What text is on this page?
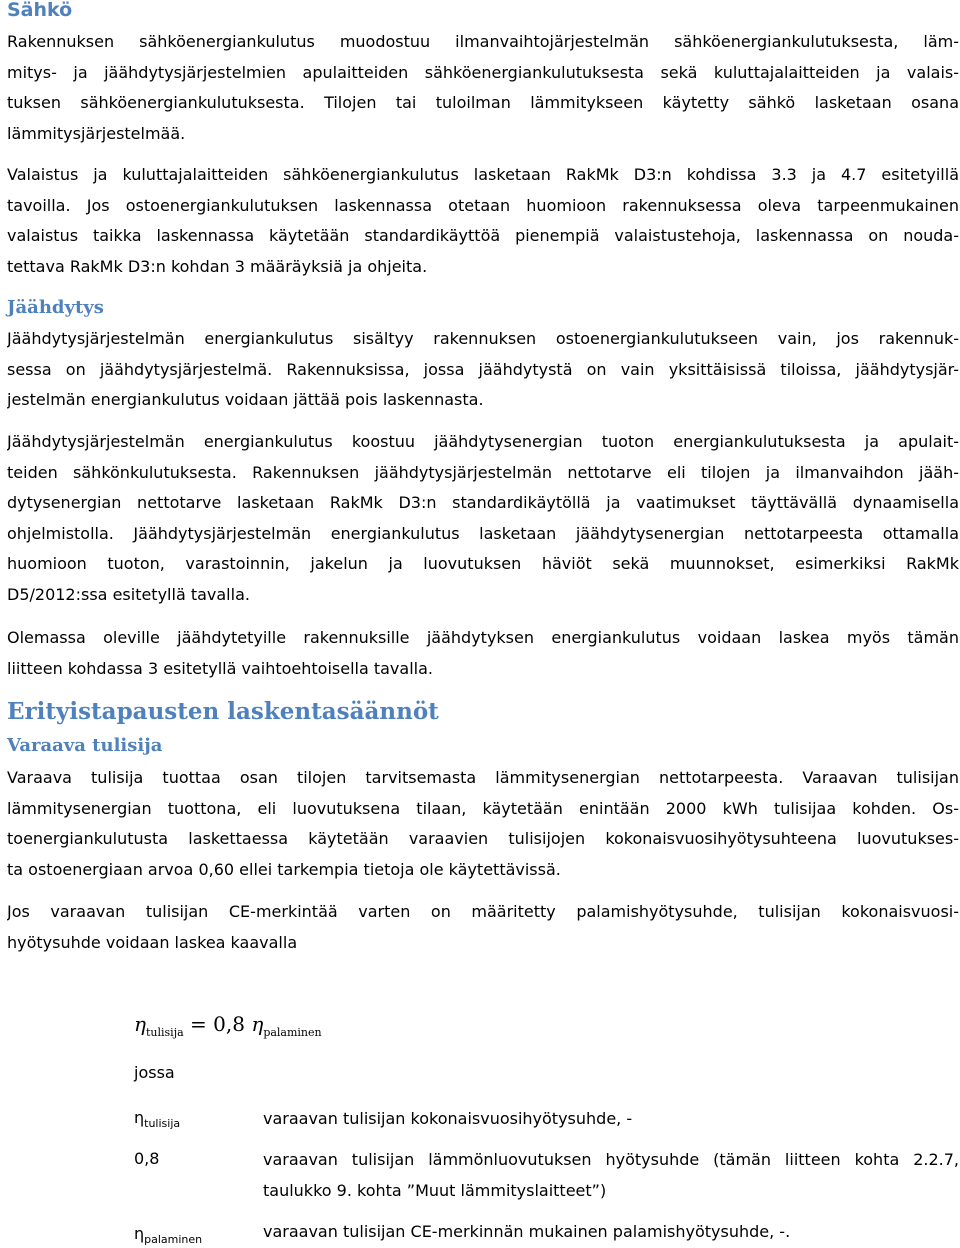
Sähkö

Rakennuksen sähköenergiankulutus muodostuu ilmanvaihtojärjestelmän sähköenergiankulutuksesta, läm-
mitys- ja jäähdytysjärjestelmien apulaitteiden sähköenergiankulutuksesta sekä kuluttajalaitteiden ja valais-
tuksen sähköenergiankulutuksesta. Tilojen tai tuloilman lämmitykseen käytetty sähkö lasketaan osana
lämmitysjärjestelmää.

Valaistus ja kuluttajalaitteiden sähköenergiankulutus lasketaan RakMk D3:n kohdissa 3.3 ja 4.7 esitetyillä
tavoilla. Jos ostoenergiankulutuksen laskennassa otetaan huomioon rakennuksessa oleva tarpeenmukainen
valaistus taikka laskennassa käytetään standardikäyttöä pienempiä valaistustehoja, laskennassa on nouda-
tettava RakMk D3:n kohdan 3 määräyksiä ja ohjeita.

Jäähdytys

Jäähdytysjärjestelmän energiankulutus sisältyy rakennuksen ostoenergiankulutukseen vain, jos rakennuk-
sessa on jäähdytysjärjestelmä. Rakennuksissa, jossa jäähdytystä on vain yksittäisissä tiloissa, jäähdytysjär-
jestelmän energiankulutus voidaan jättää pois laskennasta.

Jäähdytysjärjestelmän energiankulutus koostuu jäähdytysenergian tuoton energiankulutuksesta ja apulait-
teiden sähkönkulutuksesta. Rakennuksen jäähdytysjärjestelmän nettotarve eli tilojen ja ilmanvaihdon jääh-
dytysenergian nettotarve lasketaan RakMk D3:n standardikäytöllä ja vaatimukset täyttävällä dynaamisella
ohjelmistolla. Jäähdytysjärjestelmän energiankulutus lasketaan jäähdytysenergian nettotarpeesta ottamalla
huomioon tuoton, varastoinnin, jakelun ja luovutuksen häviöt sekä muunnokset, esimerkiksi RakMk
D5/2012:ssa esitetyllä tavalla.

Olemassa oleville jäähdytetyille rakennuksille jäähdytyksen energiankulutus voidaan laskea myös tämän
liitteen kohdassa 3 esitetyllä vaihtoehtoisella tavalla.

Erityistapausten laskentasäännöt
Varaava tulisija

Varaava tulisija tuottaa osan tilojen tarvitsemasta lämmitysenergian nettotarpeesta. Varaavan tulisijan
lämmitysenergian tuottona, eli luovutuksena tilaan, käytetään enintään 2000 kWh tulisijaa kohden. Os-
toenergiankulutusta laskettaessa käytetään varaavien tulisijojen kokonaisvuosihyötysuhteena luovutukses-
ta ostoenergiaan arvoa 0,60 ellei tarkempia tietoja ole käytettävissä.

Jos varaavan tulisijan CE-merkintää varten on määritetty palamishyötysuhde, tulisijan kokonaisvuosi-
hyötysuhde voidaan laskea kaavalla

$\eta_{tulisija} = 0,8$ $\eta_{palaminen}$
jossa
$\eta_{tulisija}$	varaavan tulisijan kokonaisvuosihyötysuhde, -
0,8	varaavan tulisijan lämmönluovutuksen hyötysuhde (tämän liitteen kohta 2.2.7, taulukko 9. kohta ”Muut lämmityslaitteet”)
$\eta_{palaminen}$	varaavan tulisijan CE-merkinnän mukainen palamishyötysuhde, -.
